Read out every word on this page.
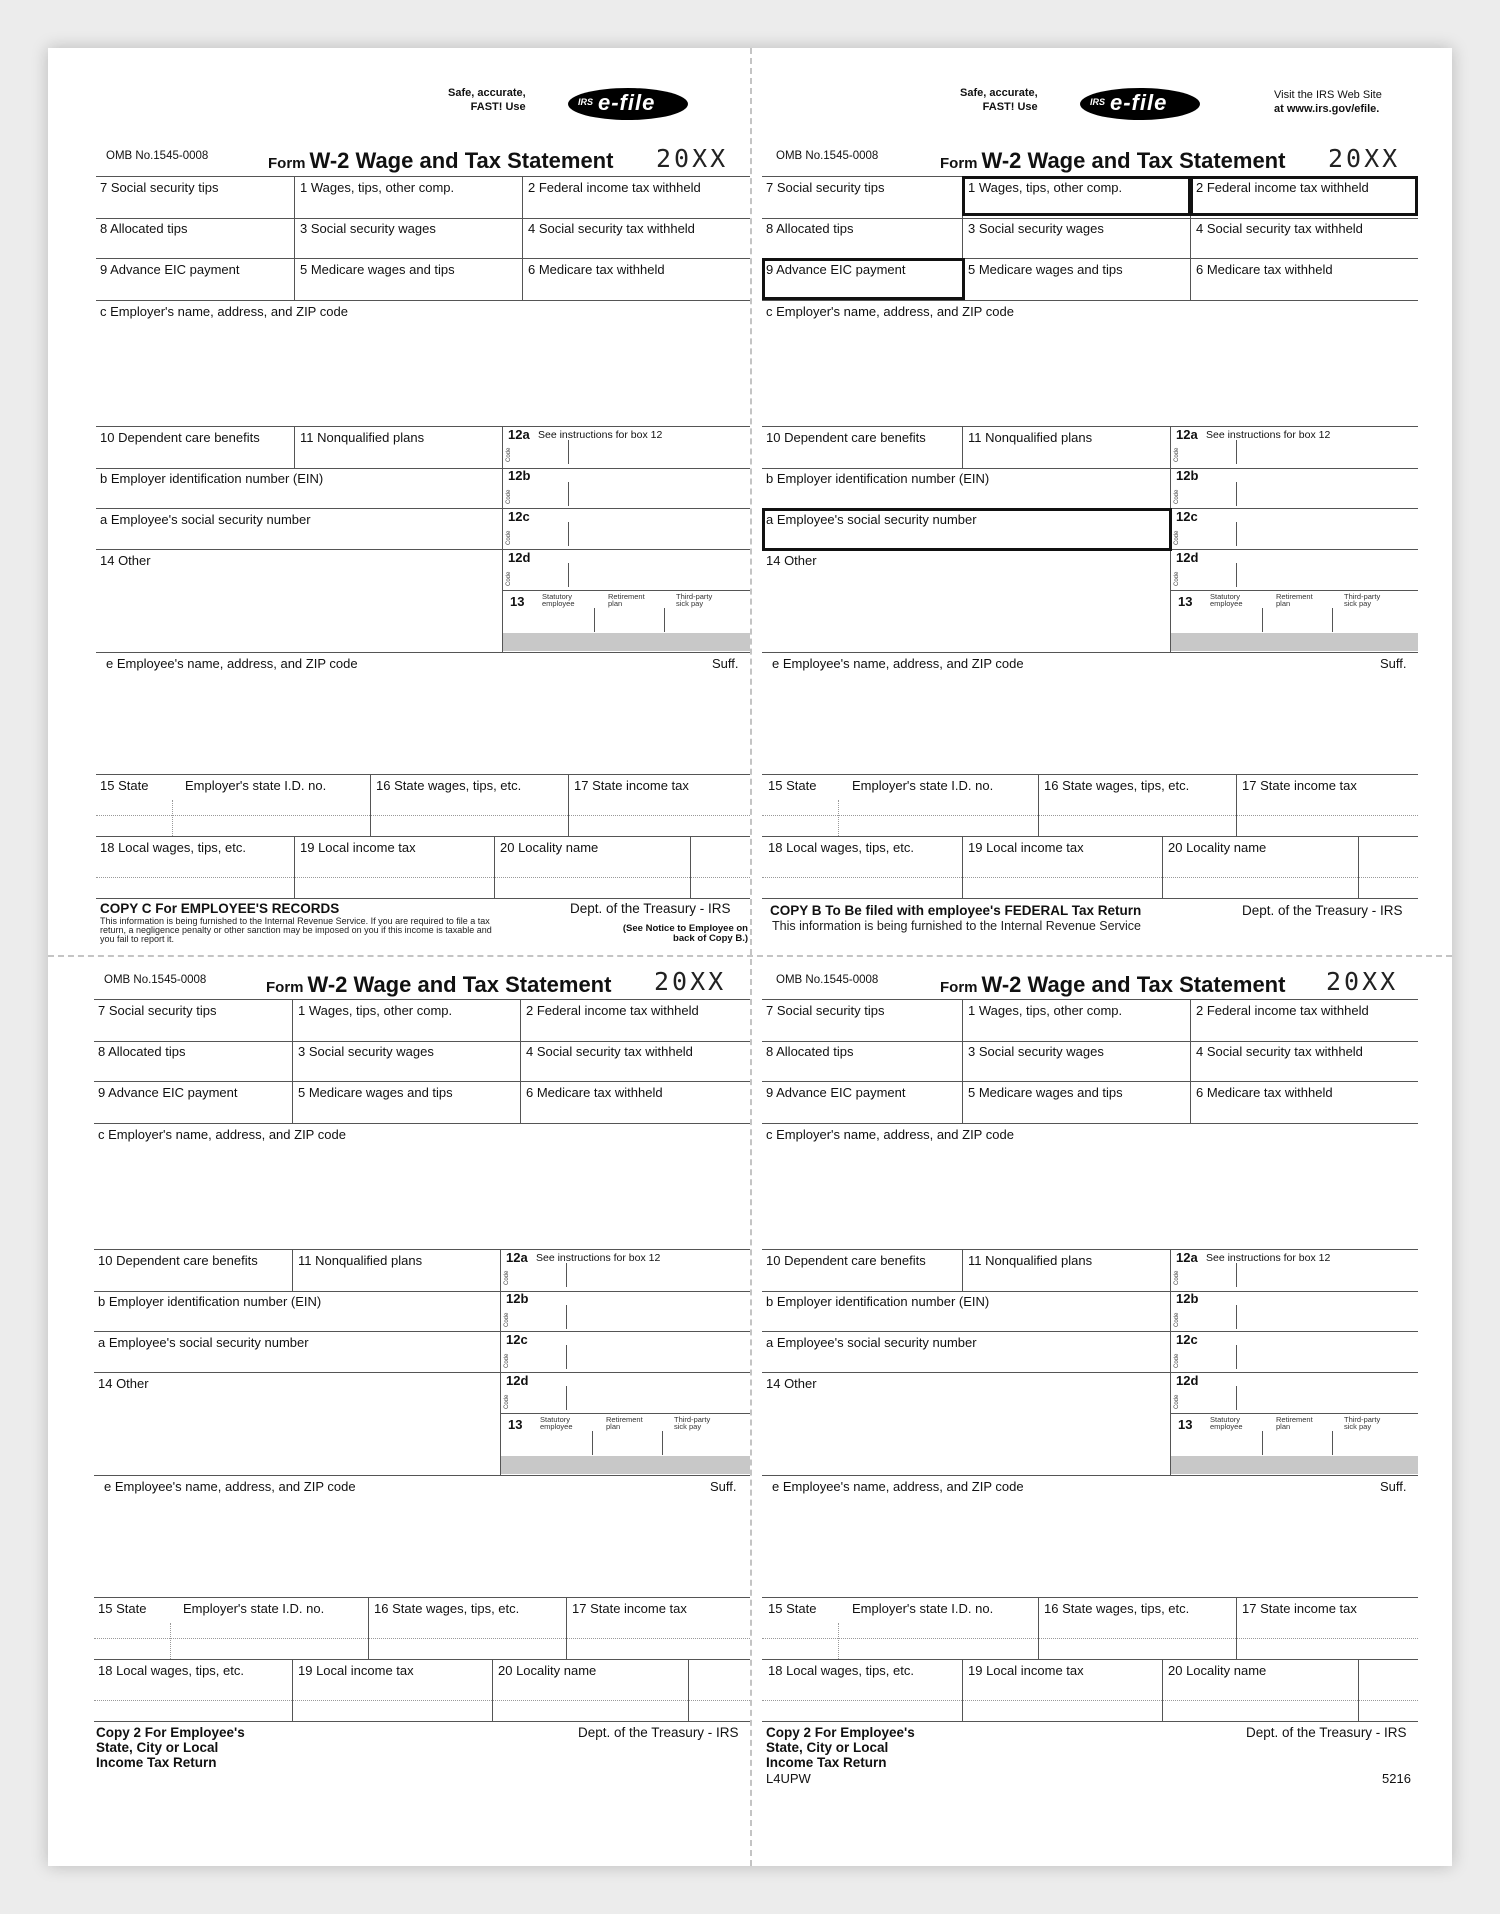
Safe, accurate,
FAST! Use	IRS e-file
OMB No.1545-0008	Form W-2 Wage and Tax Statement 20XX
7 Social security tips	1 Wages, tips, other comp.	2 Federal income tax withheld
8 Allocated tips	3 Social security wages	4 Social security tax withheld
9 Advance EIC payment	5 Medicare wages and tips	6 Medicare tax withheld
c Employer's name, address, and ZIP code
10 Dependent care benefits	11 Nonqualified plans	12a See instructions for box 12
Code
b Employer identification number (EIN)	12b
Code
a Employee's social security number	12c
Code
14 Other	12d
Code
13 Statutory employee
Retirement plan
Third-party sick pay
e Employee's name, address, and ZIP code	Suff.
15 State	Employer's state I.D. no.	16 State wages, tips, etc.	17 State income tax
18 Local wages, tips, etc.	19 Local income tax	20 Locality name
COPY C For EMPLOYEE'S RECORDS	Dept. of the Treasury - IRS
This information is being furnished to the Internal Revenue Service. If you are required to file a tax return, a negligence penalty or other sanction may be imposed on you if this income is taxable and you fail to report it.
(See Notice to Employee on back of Copy B.)
Safe, accurate,
FAST! Use	IRS e-file	Visit the IRS Web Site
at www.irs.gov/efile.
OMB No.1545-0008	Form W-2 Wage and Tax Statement 20XX
7 Social security tips	1 Wages, tips, other comp.	2 Federal income tax withheld
8 Allocated tips	3 Social security wages	4 Social security tax withheld
9 Advance EIC payment	5 Medicare wages and tips	6 Medicare tax withheld
c Employer's name, address, and ZIP code
10 Dependent care benefits	11 Nonqualified plans	12a See instructions for box 12
Code
b Employer identification number (EIN)	12b
Code
a Employee's social security number	12c
Code
14 Other	12d
Code
13 Statutory employee
Retirement plan
Third-party sick pay
e Employee's name, address, and ZIP code	Suff.
15 State	Employer's state I.D. no.	16 State wages, tips, etc.	17 State income tax
18 Local wages, tips, etc.	19 Local income tax	20 Locality name
COPY B To Be filed with employee's FEDERAL Tax Return	Dept. of the Treasury - IRS
This information is being furnished to the Internal Revenue Service
OMB No.1545-0008	Form W-2 Wage and Tax Statement 20XX
7 Social security tips	1 Wages, tips, other comp.	2 Federal income tax withheld
8 Allocated tips	3 Social security wages	4 Social security tax withheld
9 Advance EIC payment	5 Medicare wages and tips	6 Medicare tax withheld
c Employer's name, address, and ZIP code
10 Dependent care benefits	11 Nonqualified plans	12a See instructions for box 12
Code
b Employer identification number (EIN)	12b
Code
a Employee's social security number	12c
Code
14 Other	12d
Code
13 Statutory employee
Retirement plan
Third-party sick pay
e Employee's name, address, and ZIP code	Suff.
15 State	Employer's state I.D. no.	16 State wages, tips, etc.	17 State income tax
18 Local wages, tips, etc.	19 Local income tax	20 Locality name
Copy 2 For Employee's
State, City or Local
Income Tax Return
Dept. of the Treasury - IRS
OMB No.1545-0008	Form W-2 Wage and Tax Statement 20XX
7 Social security tips	1 Wages, tips, other comp.	2 Federal income tax withheld
8 Allocated tips	3 Social security wages	4 Social security tax withheld
9 Advance EIC payment	5 Medicare wages and tips	6 Medicare tax withheld
c Employer's name, address, and ZIP code
10 Dependent care benefits	11 Nonqualified plans	12a See instructions for box 12
Code
b Employer identification number (EIN)	12b
Code
a Employee's social security number	12c
Code
14 Other	12d
Code
13 Statutory employee
Retirement plan
Third-party sick pay
e Employee's name, address, and ZIP code	Suff.
15 State	Employer's state I.D. no.	16 State wages, tips, etc.	17 State income tax
18 Local wages, tips, etc.	19 Local income tax	20 Locality name
Copy 2 For Employee's
State, City or Local
Income Tax Return
Dept. of the Treasury - IRS
L4UPW	5216
